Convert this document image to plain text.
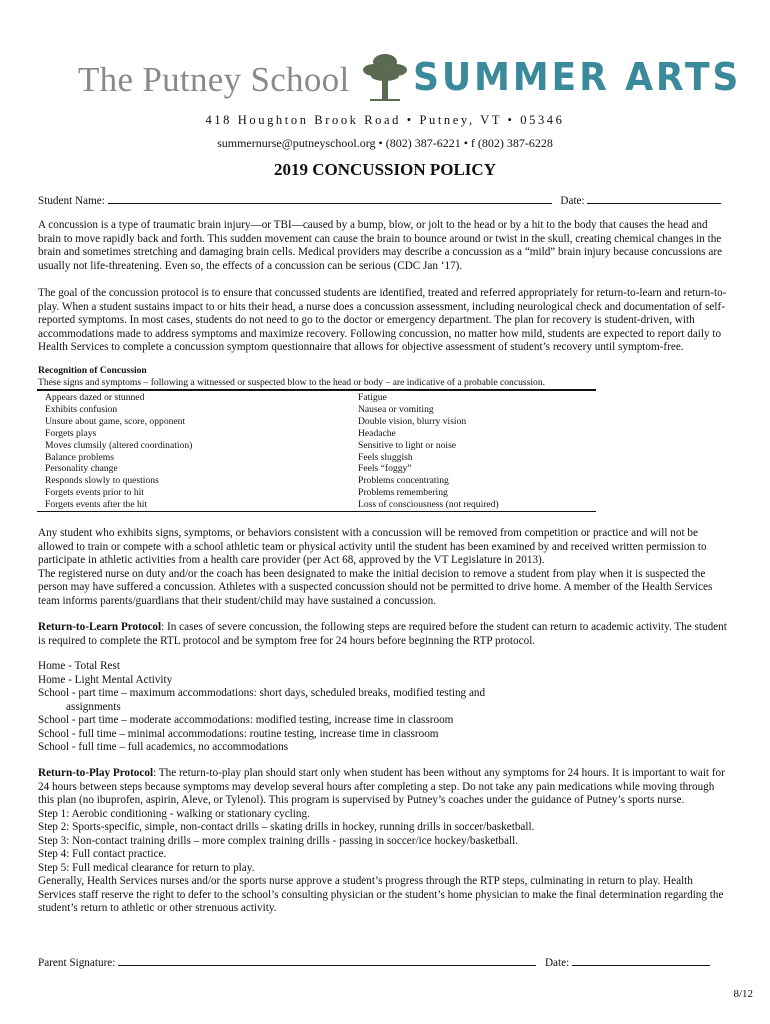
The Putney School SUMMER ARTS
418 Houghton Brook Road • Putney, VT • 05346
summernurse@putneyschool.org • (802) 387-6221 • f (802) 387-6228
2019 CONCUSSION POLICY
Student Name:	Date:
A concussion is a type of traumatic brain injury—or TBI—caused by a bump, blow, or jolt to the head or by a hit to the body that causes the head and brain to move rapidly back and forth. This sudden movement can cause the brain to bounce around or twist in the skull, creating chemical changes in the brain and sometimes stretching and damaging brain cells. Medical providers may describe a concussion as a “mild” brain injury because concussions are usually not life-threatening. Even so, the effects of a concussion can be serious (CDC Jan ‘17).
The goal of the concussion protocol is to ensure that concussed students are identified, treated and referred appropriately for return-to-learn and return-to-play. When a student sustains impact to or hits their head, a nurse does a concussion assessment, including neurological check and documentation of self-reported symptoms. In most cases, students do not need to go to the doctor or emergency department. The plan for recovery is student-driven, with accommodations made to address symptoms and maximize recovery. Following concussion, no matter how mild, students are expected to report daily to Health Services to complete a concussion symptom questionnaire that allows for objective assessment of student’s recovery until symptom-free.
Recognition of Concussion
These signs and symptoms – following a witnessed or suspected blow to the head or body – are indicative of a probable concussion.
Appears dazed or stunned
Exhibits confusion
Unsure about game, score, opponent
Forgets plays
Moves clumsily (altered coordination)
Balance problems
Personality change
Responds slowly to questions
Forgets events prior to hit
Forgets events after the hit
Fatigue
Nausea or vomiting
Double vision, blurry vision
Headache
Sensitive to light or noise
Feels sluggish
Feels “foggy”
Problems concentrating
Problems remembering
Loss of consciousness (not required)
Any student who exhibits signs, symptoms, or behaviors consistent with a concussion will be removed from competition or practice and will not be allowed to train or compete with a school athletic team or physical activity until the student has been examined by and received written permission to participate in athletic activities from a health care provider (per Act 68, approved by the VT Legislature in 2013).
The registered nurse on duty and/or the coach has been designated to make the initial decision to remove a student from play when it is suspected the person may have suffered a concussion. Athletes with a suspected concussion should not be permitted to drive home. A member of the Health Services team informs parents/guardians that their student/child may have sustained a concussion.
Return-to-Learn Protocol: In cases of severe concussion, the following steps are required before the student can return to academic activity. The student is required to complete the RTL protocol and be symptom free for 24 hours before beginning the RTP protocol.
Home - Total Rest
Home - Light Mental Activity
School - part time – maximum accommodations: short days, scheduled breaks, modified testing and
assignments
School - part time – moderate accommodations: modified testing, increase time in classroom
School - full time – minimal accommodations: routine testing, increase time in classroom
School - full time – full academics, no accommodations
Return-to-Play Protocol: The return-to-play plan should start only when student has been without any symptoms for 24 hours. It is important to wait for 24 hours between steps because symptoms may develop several hours after completing a step. Do not take any pain medications while moving through this plan (no ibuprofen, aspirin, Aleve, or Tylenol). This program is supervised by Putney’s coaches under the guidance of Putney’s sports nurse.
Step 1: Aerobic conditioning - walking or stationary cycling.
Step 2: Sports-specific, simple, non-contact drills – skating drills in hockey, running drills in soccer/basketball.
Step 3: Non-contact training drills – more complex training drills - passing in soccer/ice hockey/basketball.
Step 4: Full contact practice.
Step 5: Full medical clearance for return to play.
Generally, Health Services nurses and/or the sports nurse approve a student’s progress through the RTP steps, culminating in return to play. Health Services staff reserve the right to defer to the school’s consulting physician or the student’s home physician to make the final determination regarding the student’s return to athletic or other strenuous activity.
Parent Signature:	Date:
8/12
